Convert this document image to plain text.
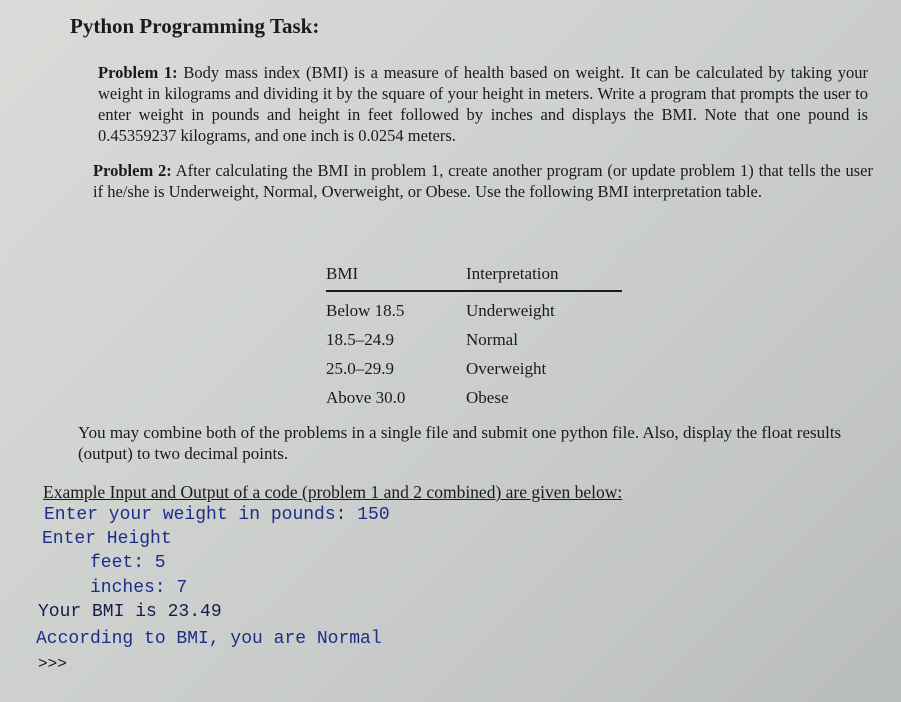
Python Programming Task:

Problem 1: Body mass index (BMI) is a measure of health based on weight. It can be calculated by taking your weight in kilograms and dividing it by the square of your height in meters. Write a program that prompts the user to enter weight in pounds and height in feet followed by inches and displays the BMI. Note that one pound is 0.45359237 kilograms, and one inch is 0.0254 meters.

Problem 2: After calculating the BMI in problem 1, create another program (or update problem 1) that tells the user if he/she is Underweight, Normal, Overweight, or Obese. Use the following BMI interpretation table.

BMI	Interpretation
Below 18.5	Underweight
18.5–24.9	Normal
25.0–29.9	Overweight
Above 30.0	Obese

You may combine both of the problems in a single file and submit one python file. Also, display the float results (output) to two decimal points.

Example Input and Output of a code (problem 1 and 2 combined) are given below:

Enter your weight in pounds: 150
Enter Height
feet: 5
inches: 7
Your BMI is 23.49
According to BMI, you are Normal
>>>
